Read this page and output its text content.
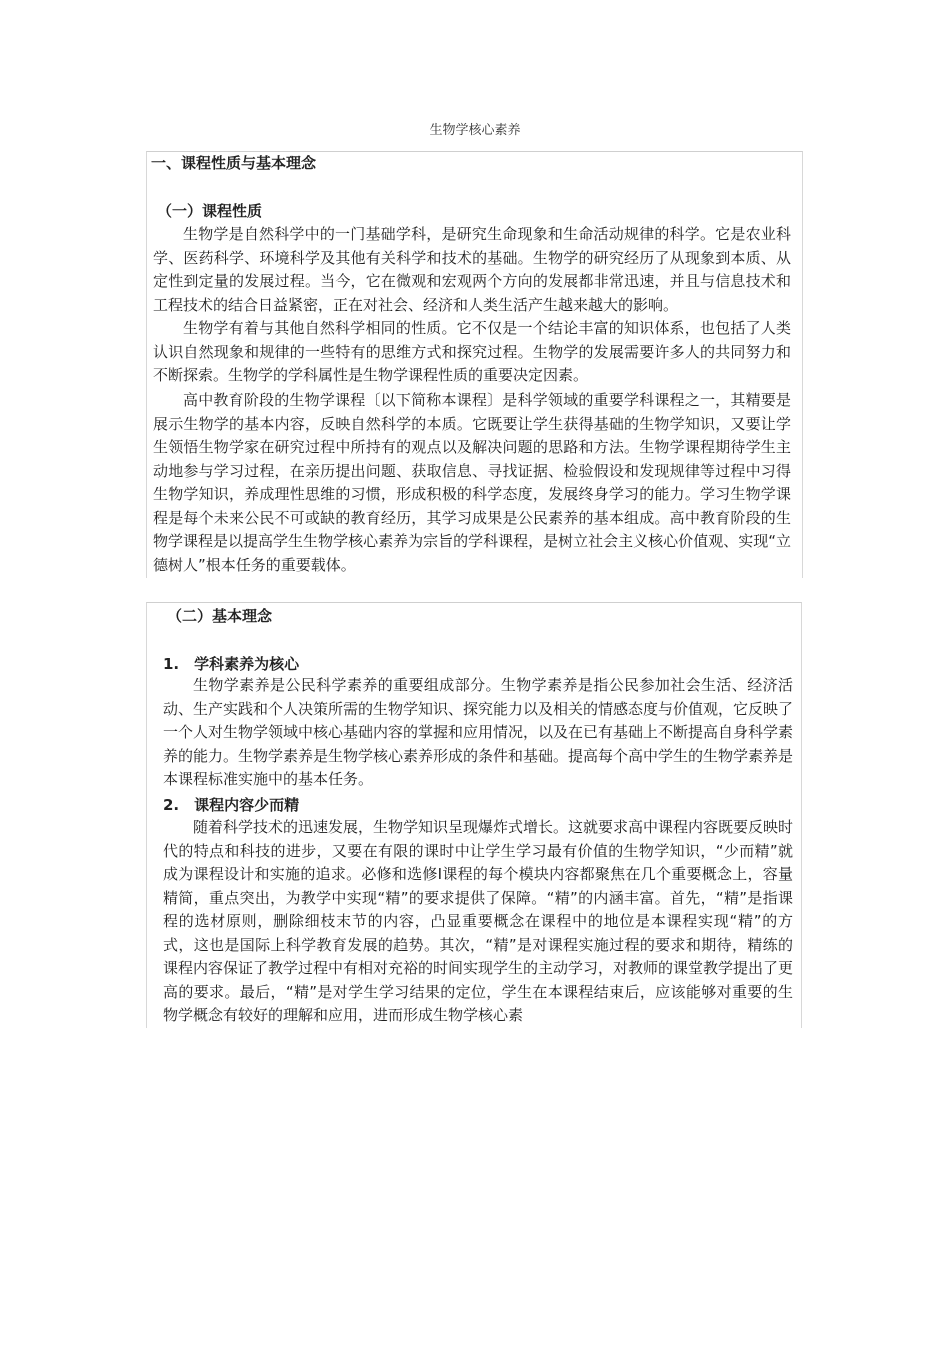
生物学核心素养
一、课程性质与基本理念
（一）课程性质

生物学是自然科学中的一门基础学科，是研究生命现象和生命活动规律的科学。它是农业科学、医药科学、环境科学及其他有关科学和技术的基础。生物学的研究经历了从现象到本质、从定性到定量的发展过程。当今，它在微观和宏观两个方向的发展都非常迅速，并且与信息技术和工程技术的结合日益紧密，正在对社会、经济和人类生活产生越来越大的影响。

生物学有着与其他自然科学相同的性质。它不仅是一个结论丰富的知识体系，也包括了人类认识自然现象和规律的一些特有的思维方式和探究过程。生物学的发展需要许多人的共同努力和不断探索。生物学的学科属性是生物学课程性质的重要决定因素。

高中教育阶段的生物学课程〔以下简称本课程〕是科学领域的重要学科课程之一，其精要是展示生物学的基本内容，反映自然科学的本质。它既要让学生获得基础的生物学知识，又要让学生领悟生物学家在研究过程中所持有的观点以及解决问题的思路和方法。生物学课程期待学生主动地参与学习过程，在亲历提出问题、获取信息、寻找证据、检验假设和发现规律等过程中习得生物学知识，养成理性思维的习惯，形成积极的科学态度，发展终身学习的能力。学习生物学课程是每个未来公民不可或缺的教育经历，其学习成果是公民素养的基本组成。高中教育阶段的生物学课程是以提高学生生物学核心素养为宗旨的学科课程，是树立社会主义核心价值观、实现“立德树人”根本任务的重要载体。

（二）基本理念
1.　学科素养为核心

生物学素养是公民科学素养的重要组成部分。生物学素养是指公民参加社会生活、经济活动、生产实践和个人决策所需的生物学知识、探究能力以及相关的情感态度与价值观，它反映了一个人对生物学领域中核心基础内容的掌握和应用情况，以及在已有基础上不断提高自身科学素养的能力。生物学素养是生物学核心素养形成的条件和基础。提高每个高中学生的生物学素养是本课程标准实施中的基本任务。

2.　课程内容少而精

随着科学技术的迅速发展，生物学知识呈现爆炸式增长。这就要求高中课程内容既要反映时代的特点和科技的进步，又要在有限的课时中让学生学习最有价值的生物学知识，“少而精”就成为课程设计和实施的追求。必修和选修Ⅰ课程的每个模块内容都聚焦在几个重要概念上，容量精简，重点突出，为教学中实现“精”的要求提供了保障。“精”的内涵丰富。首先，“精”是指课程的选材原则，删除细枝末节的内容，凸显重要概念在课程中的地位是本课程实现“精”的方式，这也是国际上科学教育发展的趋势。其次，“精”是对课程实施过程的要求和期待，精练的课程内容保证了教学过程中有相对充裕的时间实现学生的主动学习，对教师的课堂教学提出了更高的要求。最后，“精”是对学生学习结果的定位，学生在本课程结束后，应该能够对重要的生物学概念有较好的理解和应用，进而形成生物学核心素
